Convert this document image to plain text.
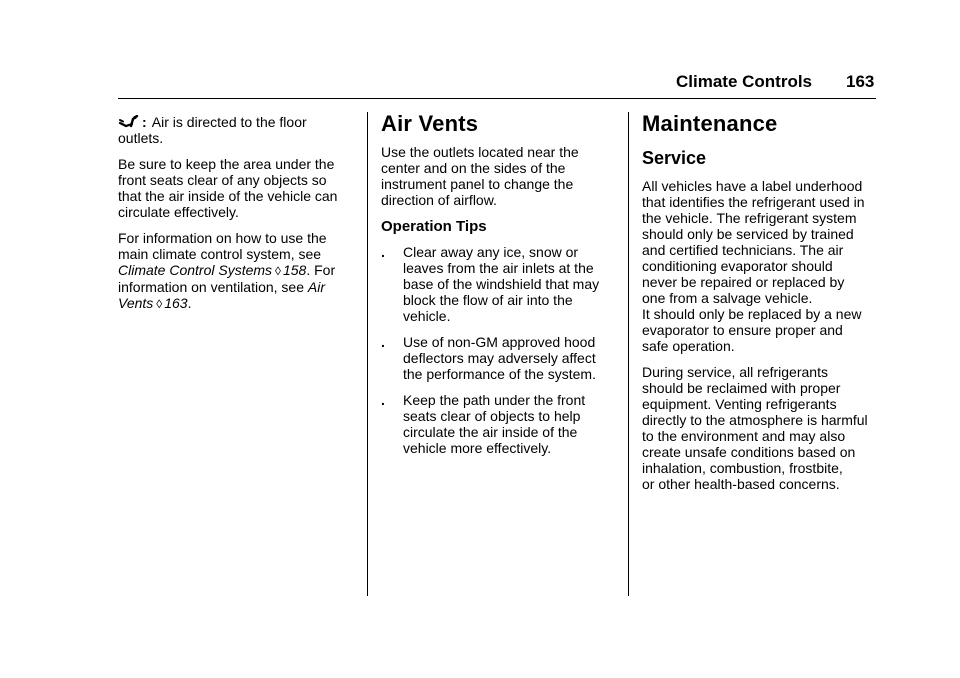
Climate Controls 163
: Air is directed to the floor
outlets.

Be sure to keep the area under the
front seats clear of any objects so
that the air inside of the vehicle can
circulate effectively.

For information on how to use the
main climate control system, see
Climate Control Systems ◊ 158. For
information on ventilation, see Air
Vents ◊ 163.

Air Vents

Use the outlets located near the
center and on the sides of the
instrument panel to change the
direction of airflow.

Operation Tips
. Clear away any ice, snow or
leaves from the air inlets at the
base of the windshield that may
block the flow of air into the
vehicle.
. Use of non-GM approved hood
deflectors may adversely affect
the performance of the system.
. Keep the path under the front
seats clear of objects to help
circulate the air inside of the
vehicle more effectively.
Maintenance
Service

All vehicles have a label underhood
that identifies the refrigerant used in
the vehicle. The refrigerant system
should only be serviced by trained
and certified technicians. The air
conditioning evaporator should
never be repaired or replaced by
one from a salvage vehicle.
It should only be replaced by a new
evaporator to ensure proper and
safe operation.

During service, all refrigerants
should be reclaimed with proper
equipment. Venting refrigerants
directly to the atmosphere is harmful
to the environment and may also
create unsafe conditions based on
inhalation, combustion, frostbite,
or other health-based concerns.
